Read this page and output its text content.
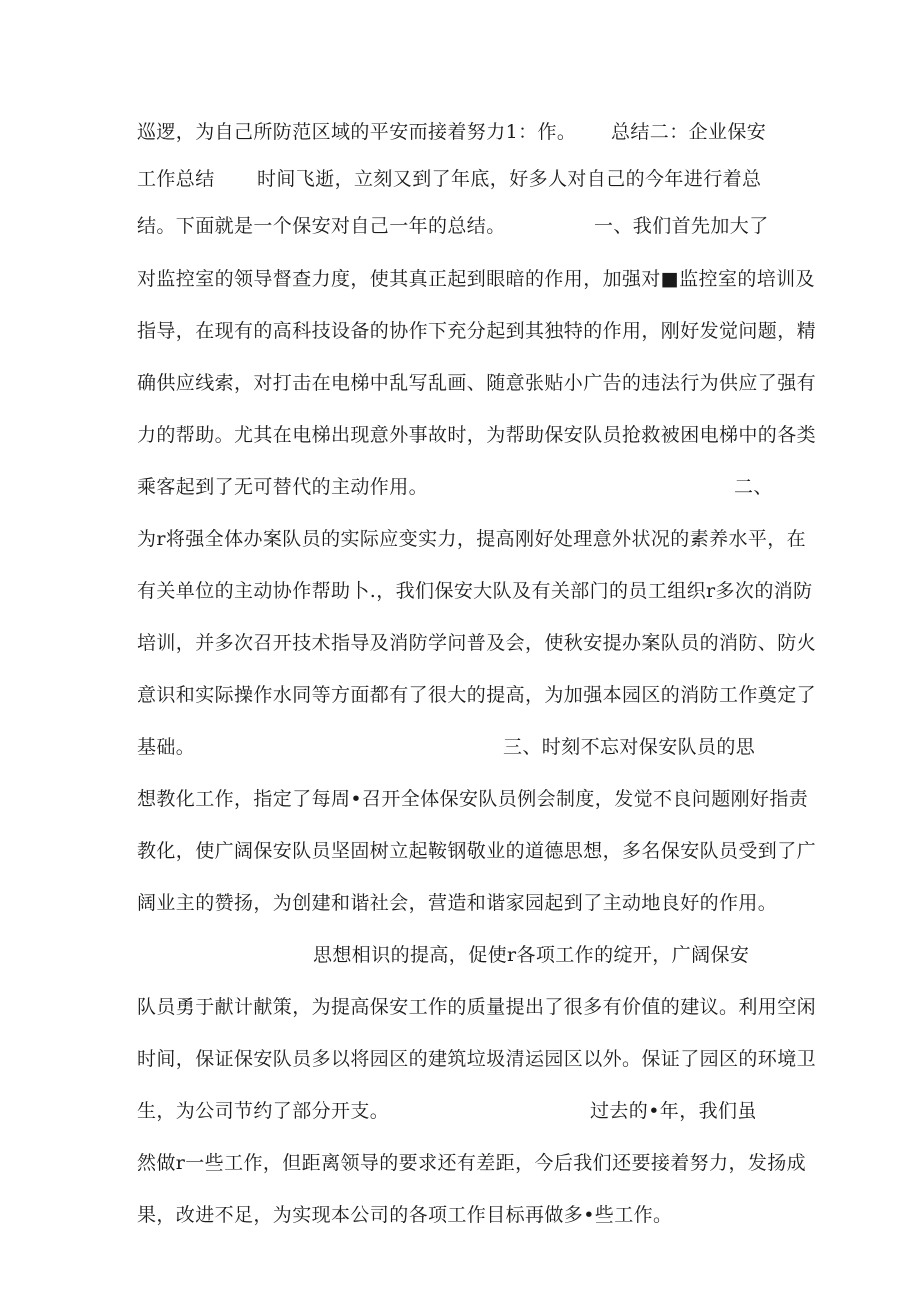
巡逻，为自己所防范区域的平安而接着努力1：作。 总结二：企业保安
工作总结 时间飞逝，立刻又到了年底，好多人对自己的今年进行着总
结。下面就是一个保安对自己一年的总结。	一、我们首先加大了
对监控室的领导督查力度，使其真正起到眼暗的作用，加强对■监控室的培训及
指导，在现有的高科技设备的协作下充分起到其独特的作用，刚好发觉问题，精
确供应线索，对打击在电梯中乱写乱画、随意张贴小广告的违法行为供应了强有
力的帮助。尤其在电梯出现意外事故时，为帮助保安队员抢救被困电梯中的各类
乘客起到了无可替代的主动作用。	二、
为r将强全体办案队员的实际应变实力，提高刚好处理意外状况的素养水平，在
有关单位的主动协作帮助卜.，我们保安大队及有关部门的员工组织r多次的消防
培训，并多次召开技术指导及消防学问普及会，使秋安提办案队员的消防、防火
意识和实际操作水同等方面都有了很大的提高，为加强本园区的消防工作奠定了
基础。	三、时刻不忘对保安队员的思
想教化工作，指定了每周•召开全体保安队员例会制度，发觉不良问题刚好指责
教化，使广阔保安队员坚固树立起鞍钢敬业的道德思想，多名保安队员受到了广
阔业主的赞扬，为创建和谐社会，营造和谐家园起到了主动地良好的作用。
思想相识的提高，促使r各项工作的绽开，广阔保安
队员勇于献计献策，为提高保安工作的质量提出了很多有价值的建议。利用空闲
时间，保证保安队员多以将园区的建筑垃圾清运园区以外。保证了园区的环境卫
生，为公司节约了部分开支。	过去的•年，我们虽
然做r一些工作，但距离领导的要求还有差距，今后我们还要接着努力，发扬成
果，改进不足，为实现本公司的各项工作目标再做多•些工作。
